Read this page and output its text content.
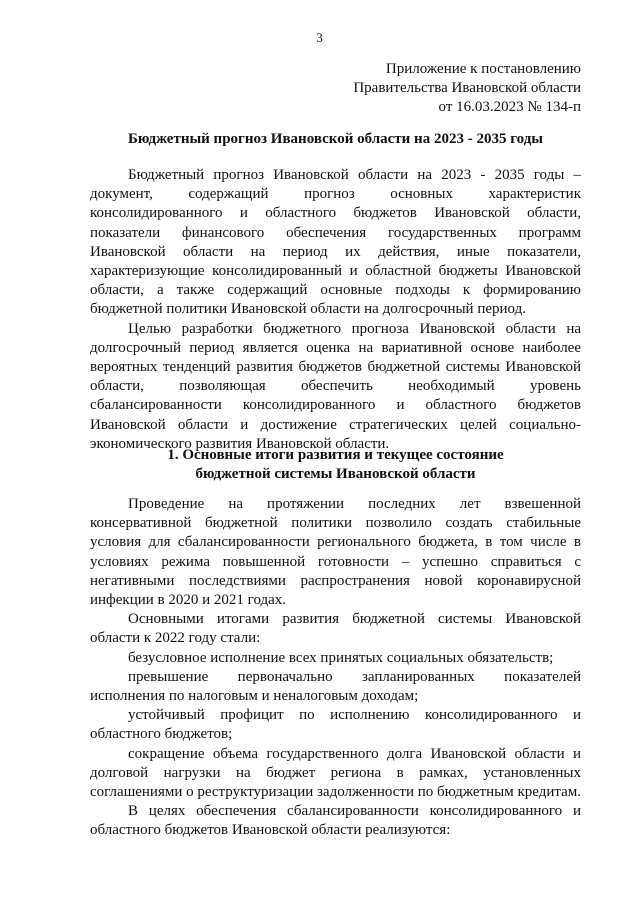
3
Приложение к постановлению
Правительства Ивановской области
от 16.03.2023 № 134-п
Бюджетный прогноз Ивановской области на 2023 - 2035 годы

Бюджетный прогноз Ивановской области на 2023 - 2035 годы – документ, содержащий прогноз основных характеристик консолидированного и областного бюджетов Ивановской области, показатели финансового обеспечения государственных программ Ивановской области на период их действия, иные показатели, характеризующие консолидированный и областной бюджеты Ивановской области, а также содержащий основные подходы к формированию бюджетной политики Ивановской области на долгосрочный период.

Целью разработки бюджетного прогноза Ивановской области на долгосрочный период является оценка на вариативной основе наиболее вероятных тенденций развития бюджетов бюджетной системы Ивановской области, позволяющая обеспечить необходимый уровень сбалансированности консолидированного и областного бюджетов Ивановской области и достижение стратегических целей социально-экономического развития Ивановской области.

1. Основные итоги развития и текущее состояние
бюджетной системы Ивановской области

Проведение на протяжении последних лет взвешенной консервативной бюджетной политики позволило создать стабильные условия для сбалансированности регионального бюджета, в том числе в условиях режима повышенной готовности – успешно справиться с негативными последствиями распространения новой коронавирусной инфекции в 2020 и 2021 годах.

Основными итогами развития бюджетной системы Ивановской области к 2022 году стали:

безусловное исполнение всех принятых социальных обязательств;

превышение первоначально запланированных показателей исполнения по налоговым и неналоговым доходам;

устойчивый профицит по исполнению консолидированного и областного бюджетов;

сокращение объема государственного долга Ивановской области и долговой нагрузки на бюджет региона в рамках, установленных соглашениями о реструктуризации задолженности по бюджетным кредитам.

В целях обеспечения сбалансированности консолидированного и областного бюджетов Ивановской области реализуются:
